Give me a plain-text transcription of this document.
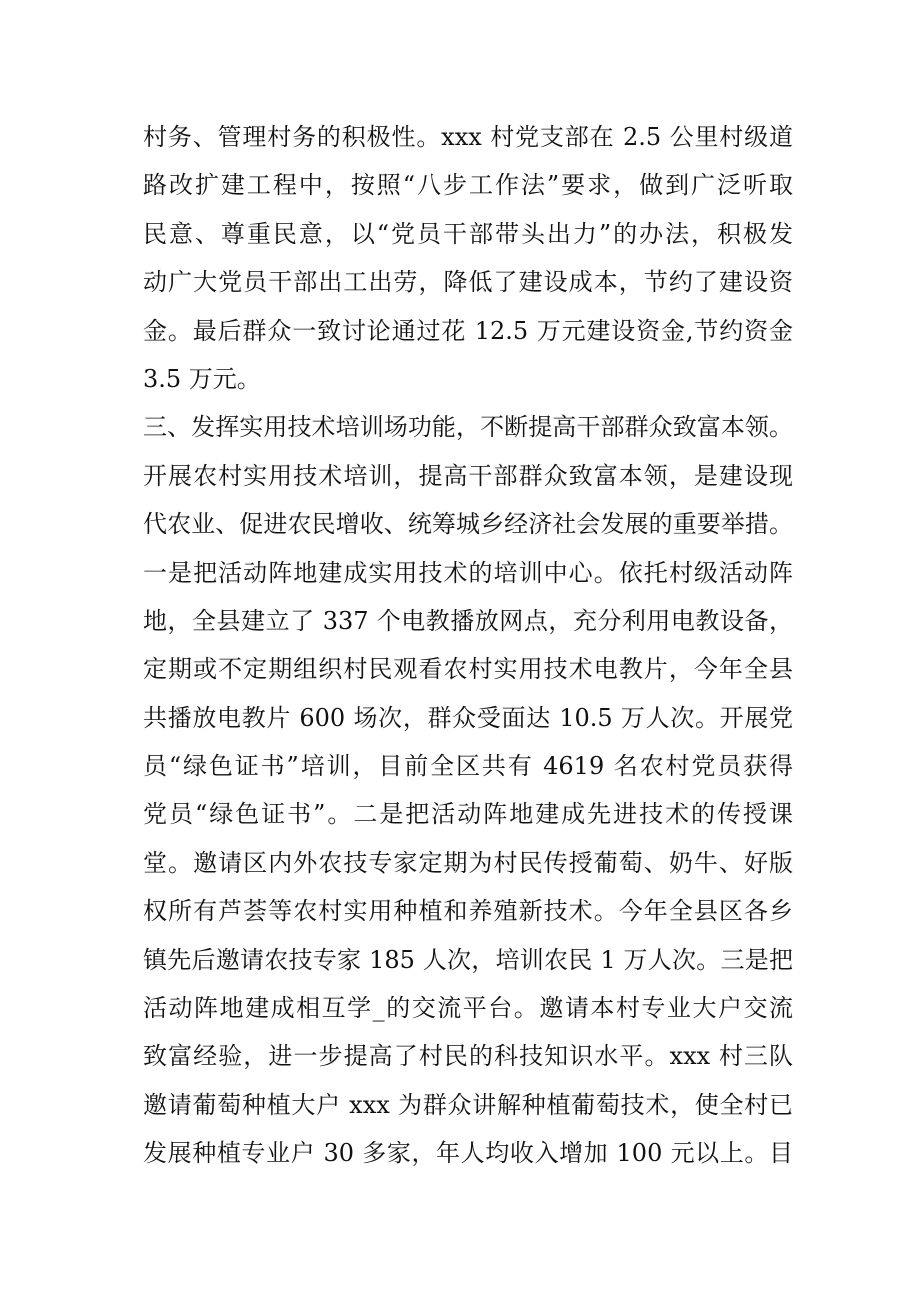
村务、管理村务的积极性。xxx 村党支部在 2.5 公里村级道
路改扩建工程中，按照“八步工作法”要求，做到广泛听取
民意、尊重民意，以“党员干部带头出力”的办法，积极发
动广大党员干部出工出劳，降低了建设成本，节约了建设资
金。最后群众一致讨论通过花 12.5 万元建设资金,节约资金
3.5 万元。
三、发挥实用技术培训场功能，不断提高干部群众致富本领。
开展农村实用技术培训，提高干部群众致富本领，是建设现
代农业、促进农民增收、统筹城乡经济社会发展的重要举措。
一是把活动阵地建成实用技术的培训中心。依托村级活动阵
地，全县建立了 337 个电教播放网点，充分利用电教设备，
定期或不定期组织村民观看农村实用技术电教片，今年全县
共播放电教片 600 场次，群众受面达 10.5 万人次。开展党
员“绿色证书”培训，目前全区共有 4619 名农村党员获得
党员“绿色证书”。二是把活动阵地建成先进技术的传授课
堂。邀请区内外农技专家定期为村民传授葡萄、奶牛、好版
权所有芦荟等农村实用种植和养殖新技术。今年全县区各乡
镇先后邀请农技专家 185 人次，培训农民 1 万人次。三是把
活动阵地建成相互学_的交流平台。邀请本村专业大户交流
致富经验，进一步提高了村民的科技知识水平。xxx 村三队
邀请葡萄种植大户 xxx 为群众讲解种植葡萄技术，使全村已
发展种植专业户 30 多家，年人均收入增加 100 元以上。目
